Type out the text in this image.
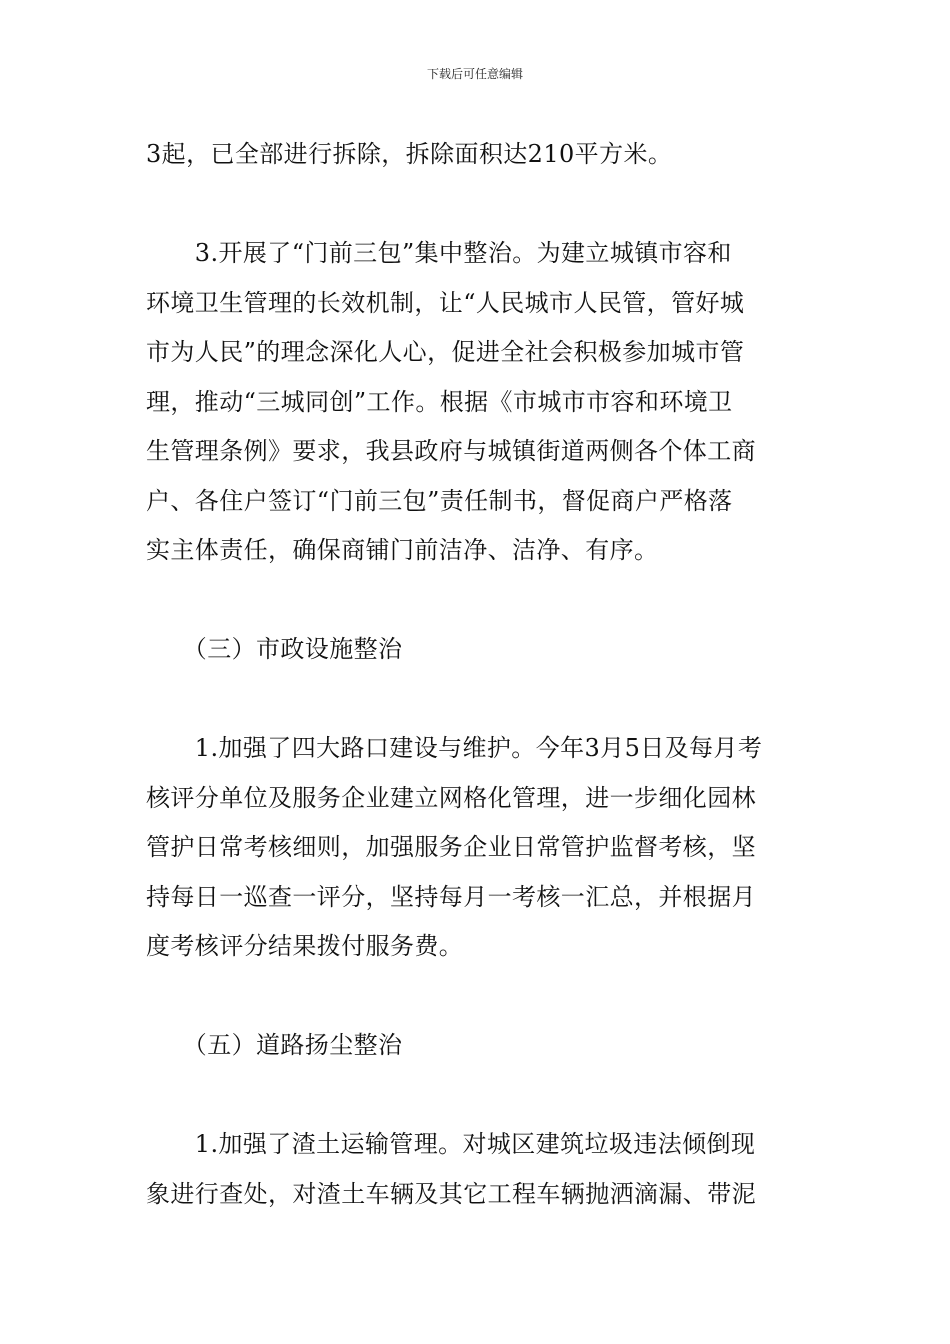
下载后可任意编辑
3起，已全部进行拆除，拆除面积达210平方米。
　　3.开展了“门前三包”集中整治。为建立城镇市容和
环境卫生管理的长效机制，让“人民城市人民管，管好城
市为人民”的理念深化人心，促进全社会积极参加城市管
理，推动“三城同创”工作。根据《市城市市容和环境卫
生管理条例》要求，我县政府与城镇街道两侧各个体工商
户、各住户签订“门前三包”责任制书，督促商户严格落
实主体责任，确保商铺门前洁净、洁净、有序。
　　（三）市政设施整治
　　1.加强了四大路口建设与维护。今年3月5日及每月考
核评分单位及服务企业建立网格化管理，进一步细化园林
管护日常考核细则，加强服务企业日常管护监督考核，坚
持每日一巡查一评分，坚持每月一考核一汇总，并根据月
度考核评分结果拨付服务费。
　　（五）道路扬尘整治
　　1.加强了渣土运输管理。对城区建筑垃圾违法倾倒现
象进行查处，对渣土车辆及其它工程车辆抛洒滴漏、带泥
